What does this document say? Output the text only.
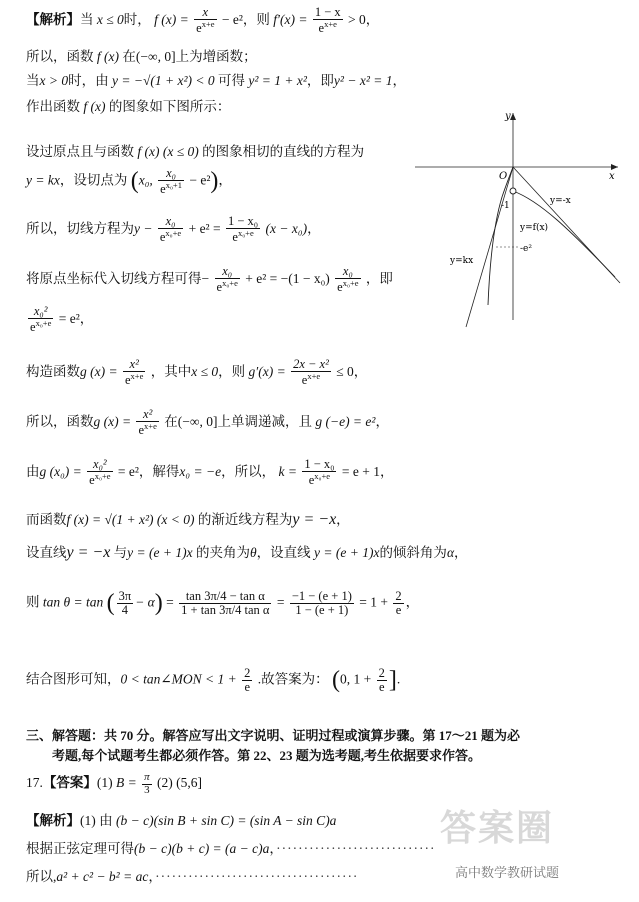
【解析】当 x ≤ 0时， f $(x) = \frac{x}{e^{x+e}} - e^2$，则 $f'(x) = \frac{1 - x}{e^{x+e}} > 0$，
所以，函数 f (x) 在(−∞, 0]上为增函数；
当x > 0时，由 y = −√(1 + x²) < 0 可得 y² = 1 + x²，即y² − x² = 1，
作出函数 f (x) 的图象如下图所示：
设过原点且与函数 f (x) (x ≤ 0) 的图象相切的直线的方程为
y = kx，设切点为 (x₀, $\frac{\text{x₀}}{e^{x_0+1}} - e^2$)，
所以，切线方程为$y - \frac{\text{x₀}}{e^{x_0+e}} + e^2 = \frac{\text{1 − x₀}}{e^{x_0+e}} (x - x_0)$，
将原点坐标代入切线方程可得− $\frac{\text{x₀}}{e^{x_0+e}} + e^2 = -(1 - x_0) \frac{\text{x₀}}{e^{x_0+e}}$ ，即
$\frac{\text{x₀²}}{e^{x_0+e}} = e^2$，
构造函数g $(x) = \frac{\text{x²}}{e^{x+e}}$ ，其中x ≤ 0，则 $g'(x) = \frac{\text{2x − x²}}{e^{x+e}} \le 0$，
所以，函数g $(x) = \frac{\text{x²}}{e^{x+e}}$ 在(−∞, 0]上单调递减，且 g (−e) = e²，
由g $(x_0) = \frac{\text{x₀²}}{e^{x_0+e}} = e^2$，解得x₀ = −e，所以， $k = \frac{\text{1 − x₀}}{e^{x_0+e}} = e + 1$，
而函数f (x) = √(1 + x²) (x < 0) 的渐近线方程为y = −x，
设直线y = −x 与y = (e + 1)x 的夹角为θ，设直线 y = (e + 1)x的倾斜角为α，
则 tan θ = tan ( $\frac{3\pi}{4} - \alpha) = \frac{\text{tan 3π/4 − tan α}}{\text{1 + tan 3π/4 tan α}} = \frac{-1 - (e + 1)}{1 - (e + 1)} = 1 + \frac{2}{e}$ ，
结合图形可知，0 < tan∠MON < $1 + \frac{2}{e}$ .故答案为： (0, $1 + \frac{2}{e}$ ].
三、解答题：共 70 分。解答应写出文字说明、证明过程或演算步骤。第 17～21 题为必
考题,每个试题考生都必须作答。第 22、23 题为选考题,考生依据要求作答。
17.【答案】(1) $B = \frac{\pi}{3} (2)$ (5,6]
【解析】(1) 由 (b − c)(sin B + sin C) = (sin A − sin C)a
根据正弦定理可得(b − c)(b + c) = (a − c)a，·····························
所以,a² + c² − b² = ac，·····································
y
x
O
y=-x
y=f(x)
-1
-e²
y=kx
答案圈
高中数学教研试题
